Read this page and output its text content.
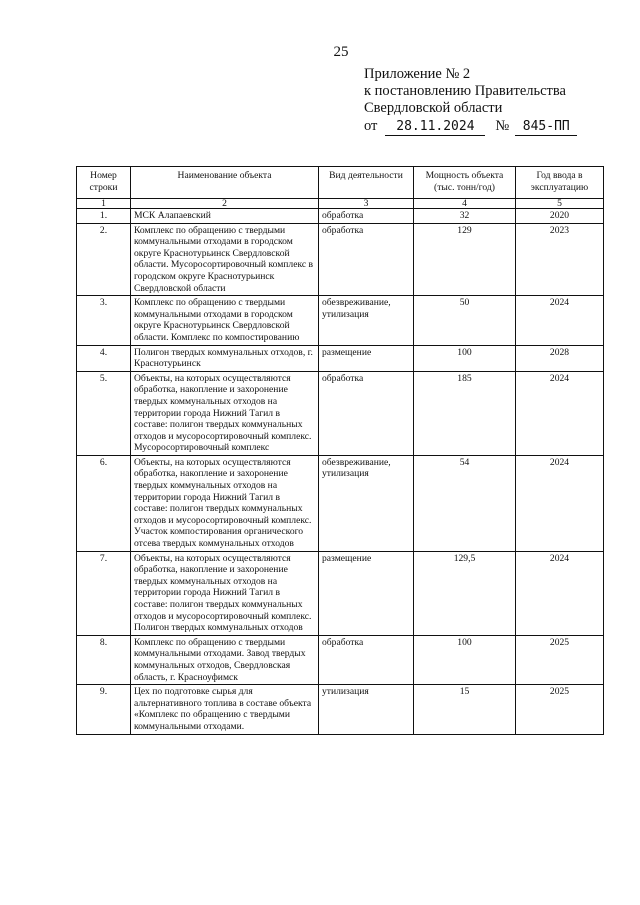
25
Приложение № 2
к постановлению Правительства
Свердловской области
от 28.11.2024 № 845-ПП
Номер строки	Наименование объекта	Вид деятельности	Мощность объекта (тыс. тонн/год)	Год ввода в эксплуатацию
1	2	3	4	5
1.	МСК Алапаевский	обработка	32	2020
2.	Комплекс по обращению с твердыми коммунальными отходами в городском округе Краснотурьинск Свердловской области. Мусоросортировочный комплекс в городском округе Краснотурьинск Свердловской области	обработка	129	2023
3.	Комплекс по обращению с твердыми коммунальными отходами в городском округе Краснотурьинск Свердловской области. Комплекс по компостированию	обезвреживание, утилизация	50	2024
4.	Полигон твердых коммунальных отходов, г. Краснотурьинск	размещение	100	2028
5.	Объекты, на которых осуществляются обработка, накопление и захоронение твердых коммунальных отходов на территории города Нижний Тагил в составе: полигон твердых коммунальных отходов и мусоросортировочный комплекс. Мусоросортировочный комплекс	обработка	185	2024
6.	Объекты, на которых осуществляются обработка, накопление и захоронение твердых коммунальных отходов на территории города Нижний Тагил в составе: полигон твердых коммунальных отходов и мусоросортировочный комплекс. Участок компостирования органического отсева твердых коммунальных отходов	обезвреживание, утилизация	54	2024
7.	Объекты, на которых осуществляются обработка, накопление и захоронение твердых коммунальных отходов на территории города Нижний Тагил в составе: полигон твердых коммунальных отходов и мусоросортировочный комплекс. Полигон твердых коммунальных отходов	размещение	129,5	2024
8.	Комплекс по обращению с твердыми коммунальными отходами. Завод твердых коммунальных отходов, Свердловская область, г. Красноуфимск	обработка	100	2025
9.	Цех по подготовке сырья для альтернативного топлива в составе объекта «Комплекс по обращению с твердыми коммунальными отходами.	утилизация	15	2025
